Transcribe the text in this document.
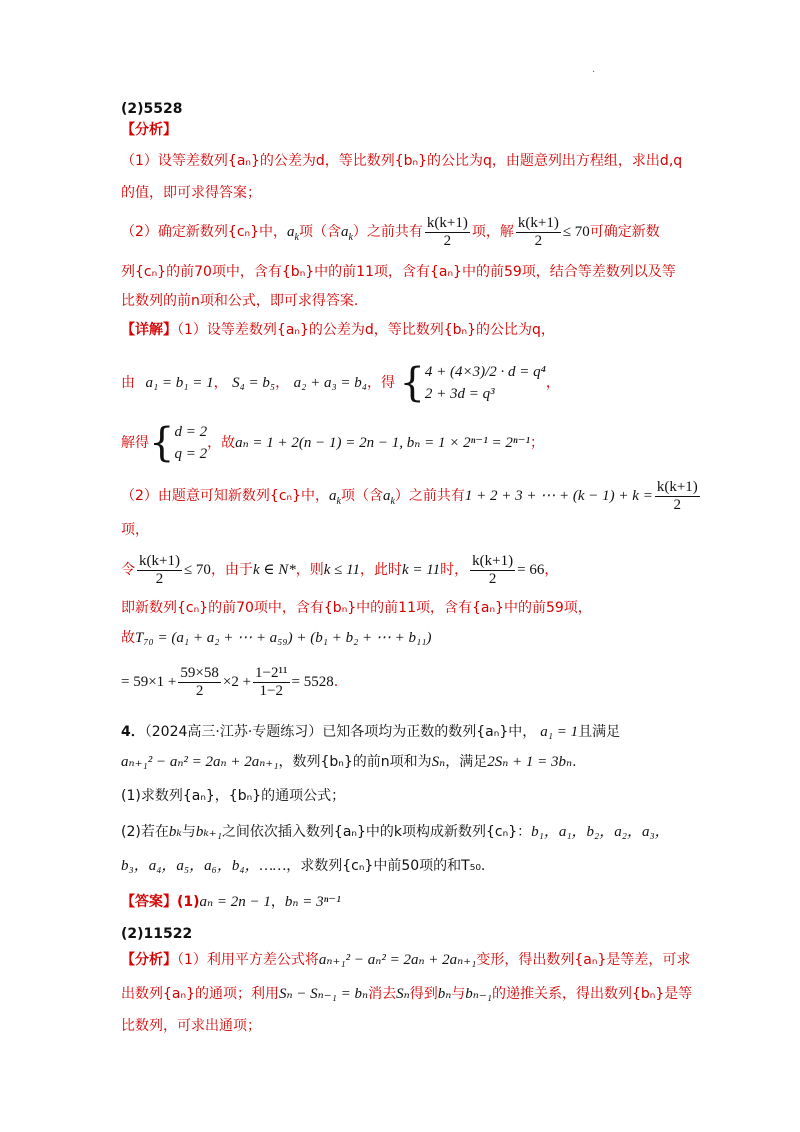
.
(2)5528
【分析】
（1）设等差数列{aₙ}的公差为d，等比数列{bₙ}的公比为q，由题意列出方程组，求出d,q
的值，即可求得答案；
（2）确定新数列{cₙ}中，$a_k$项（含$a_k$）之前共有 $\frac{k(k+1)}{2}$ 项，解 $\frac{k(k+1)}{2} \le 70$可确定新数
列{cₙ}的前70项中，含有{bₙ}中的前11项，含有{aₙ}中的前59项，结合等差数列以及等
比数列的前n项和公式，即可求得答案.
【详解】（1）设等差数列{aₙ}的公差为d，等比数列{bₙ}的公比为q，
由 a₁ = b₁ = 1， S₄ = b₅， a₂ + a₃ = b₄，得 { 4 + (4×3)/2 · d = q⁴
2 + 3d = q³
，
解得{ d = 2
q = 2
，故aₙ = 1 + 2(n − 1) = 2n − 1, bₙ = 1 × 2ⁿ⁻¹ = 2ⁿ⁻¹；
（2）由题意可知新数列{cₙ}中，$a_k$项（含$a_k$）之前共有1 + 2 + 3 + ⋯ + $(k - 1) + k = \frac{k(k+1)}{2}$
项，
令 $\frac{k(k+1)}{2} \le 70$，由于k ∈ N*，则k ≤ 11，此时k = 11时， $\frac{k(k+1)}{2} = 66$，
即新数列{cₙ}的前70项中，含有{bₙ}中的前11项，含有{aₙ}中的前59项，
故T₇₀ = (a₁ + a₂ + ⋯ + a₅₉) + (b₁ + b₂ + ⋯ + b₁₁)
= $59\times 1 + \frac{59\times 58}{2} \times 2 + \frac{\text{1−2¹¹}}{1-2} = 5528$.
4．（2024高三·江苏·专题练习）已知各项均为正数的数列{aₙ}中， a₁ = 1且满足
aₙ₊₁² − aₙ² = 2aₙ + 2aₙ₊₁，数列{bₙ}的前n项和为Sₙ，满足2Sₙ + 1 = 3bₙ.
(1)求数列{aₙ}，{bₙ}的通项公式；
(2)若在bₖ与bₖ₊₁之间依次插入数列{aₙ}中的k项构成新数列{cₙ}：b₁，a₁，b₂，a₂，a₃，
b₃，a₄，a₅，a₆，b₄，……，求数列{cₙ}中前50项的和T₅₀.
【答案】(1)aₙ = 2n − 1，bₙ = 3ⁿ⁻¹
(2)11522
【分析】（1）利用平方差公式将aₙ₊₁² − aₙ² = 2aₙ + 2aₙ₊₁变形，得出数列{aₙ}是等差，可求
出数列{aₙ}的通项；利用Sₙ − Sₙ₋₁ = bₙ消去Sₙ得到bₙ与bₙ₋₁的递推关系，得出数列{bₙ}是等
比数列，可求出通项；
